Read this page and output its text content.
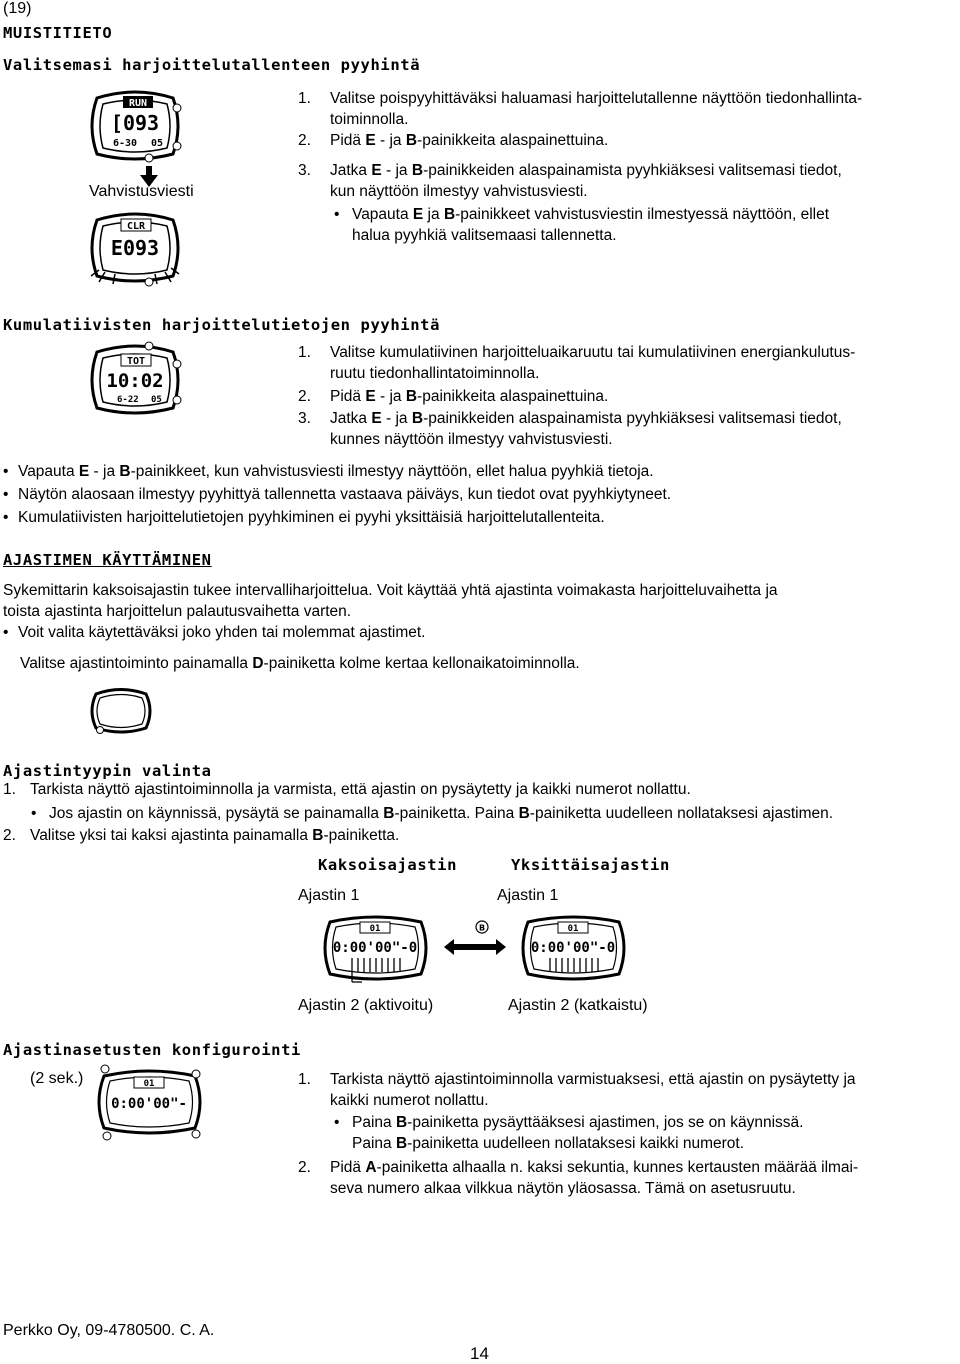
(19)
MUISTITIETO
Valitsemasi harjoittelutallenteen pyyhintä
RUN
[093
6-30 05
Vahvistusviesti
CLR
E093
1. Valitse poispyyhittäväksi haluamasi harjoittelutallenne näyttöön tiedonhallinta-
toiminnolla.
2. Pidä E - ja B-painikkeita alaspainettuina.
3. Jatka E - ja B-painikkeiden alaspainamista pyyhkiäksesi valitsemasi tiedot,
kun näyttöön ilmestyy vahvistusviesti.
• Vapauta E ja B-painikkeet vahvistusviestin ilmestyessä näyttöön, ellet
halua pyyhkiä valitsemaasi tallennetta.
Kumulatiivisten harjoittelutietojen pyyhintä
TOT
10:02
6-22 05
1. Valitse kumulatiivinen harjoitteluaikaruutu tai kumulatiivinen energiankulutus-
ruutu tiedonhallintatoiminnolla.
2. Pidä E - ja B-painikkeita alaspainettuina.
3. Jatka E - ja B-painikkeiden alaspainamista pyyhkiäksesi valitsemasi tiedot,
kunnes näyttöön ilmestyy vahvistusviesti.
• Vapauta E - ja B-painikkeet, kun vahvistusviesti ilmestyy näyttöön, ellet halua pyyhkiä tietoja.
• Näytön alaosaan ilmestyy pyyhittyä tallennetta vastaava päiväys, kun tiedot ovat pyyhkiytyneet.
• Kumulatiivisten harjoittelutietojen pyyhkiminen ei pyyhi yksittäisiä harjoittelutallenteita.
AJASTIMEN KÄYTTÄMINEN
Sykemittarin kaksoisajastin tukee intervalliharjoittelua. Voit käyttää yhtä ajastinta voimakasta harjoitteluvaihetta ja
toista ajastinta harjoittelun palautusvaihetta varten.
• Voit valita käytettäväksi joko yhden tai molemmat ajastimet.
Valitse ajastintoiminto painamalla D-painiketta kolme kertaa kellonaikatoiminnolla.
Ajastintyypin valinta
1. Tarkista näyttö ajastintoiminnolla ja varmista, että ajastin on pysäytetty ja kaikki numerot nollattu.
• Jos ajastin on käynnissä, pysäytä se painamalla B-painiketta. Paina B-painiketta uudelleen nollataksesi ajastimen.
2. Valitse yksi tai kaksi ajastinta painamalla B-painiketta.
Kaksoisajastin	Yksittäisajastin
Ajastin 1	Ajastin 1
01
0:00'00"-0
B	01
0:00'00"-0
Ajastin 2 (aktivoitu)	Ajastin 2 (katkaistu)
Ajastinasetusten konfigurointi
(2 sek.)	01
0:00'00"-
1. Tarkista näyttö ajastintoiminnolla varmistuaksesi, että ajastin on pysäytetty ja
kaikki numerot nollattu.
• Paina B-painiketta pysäyttääksesi ajastimen, jos se on käynnissä.
Paina B-painiketta uudelleen nollataksesi kaikki numerot.
2. Pidä A-painiketta alhaalla n. kaksi sekuntia, kunnes kertausten määrää ilmai-
seva numero alkaa vilkkua näytön yläosassa. Tämä on asetusruutu.
Perkko Oy, 09-4780500. C. A.
14
